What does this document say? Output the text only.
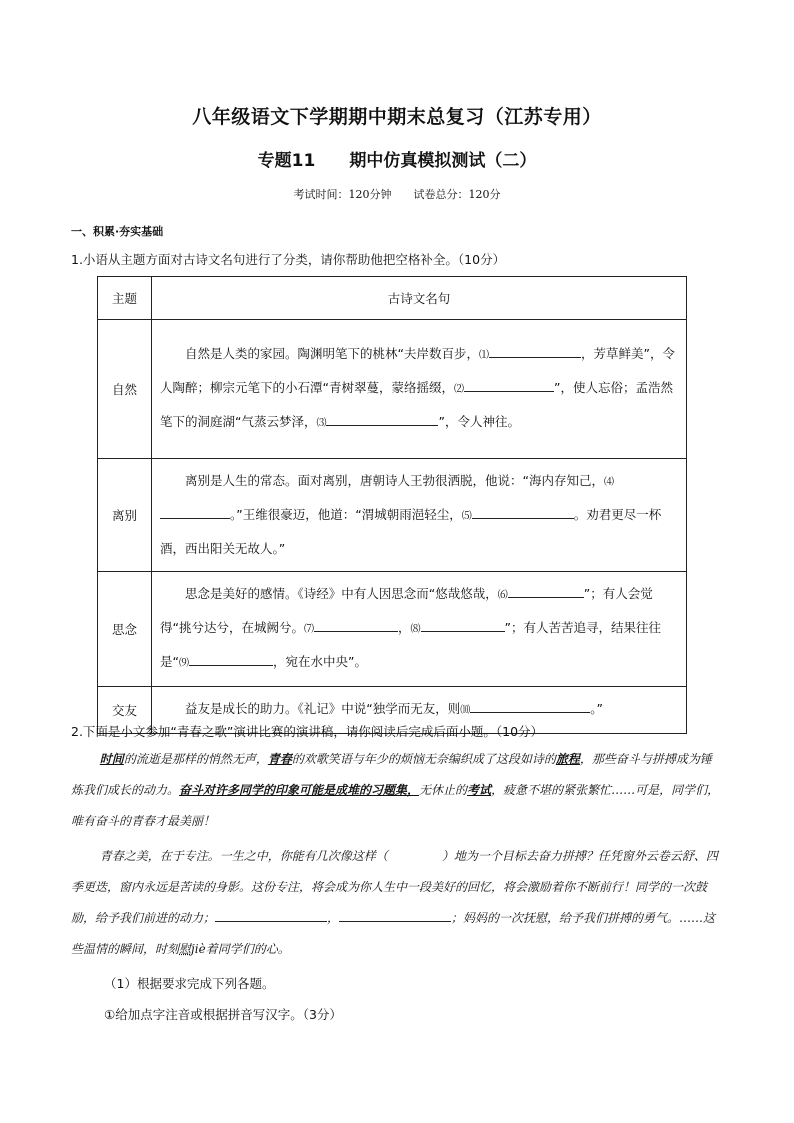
八年级语文下学期期中期末总复习（江苏专用）
专题11 期中仿真模拟测试（二）
考试时间：120分钟 试卷总分：120分
一、积累·夯实基础
1.小语从主题方面对古诗文名句进行了分类，请你帮助他把空格补全。（10分）
主题	古诗文名句
自然	自然是人类的家园。陶渊明笔下的桃林“夫岸数百步，⑴ ，芳草鲜美”，令人陶醉；柳宗元笔下的小石潭“青树翠蔓，蒙络摇缀，⑵ ”，使人忘俗；孟浩然笔下的洞庭湖“气蒸云梦泽，⑶ ”，令人神往。
离别	离别是人生的常态。面对离别，唐朝诗人王勃很洒脱，他说：“海内存知己，⑷。”王维很豪迈，他道：“渭城朝雨浥轻尘，⑸ 。劝君更尽一杯酒，西出阳关无故人。”
思念	思念是美好的感情。《诗经》中有人因思念而“悠哉悠哉，⑹ ”；有人会觉得“挑兮达兮，在城阙兮。⑺ ，⑻ ”；有人苦苦追寻，结果往往是“⑼ ，宛在水中央”。
交友	益友是成长的助力。《礼记》中说“独学而无友，则⑽ 。”
2.下面是小文参加“青春之歌”演讲比赛的演讲稿，请你阅读后完成后面小题。（10分）
时间的流逝是那样的悄然无声，青春的欢歌笑语与年少的烦恼无奈编织成了这段如诗的旅程，那些奋斗与拼搏成为锤炼我们成长的动力。奋斗对许多同学的印象可能是成堆的习题集，无休止的考试，疲惫不堪的紧张繁忙……可是，同学们，唯有奋斗的青春才最美丽！
青春之美，在于专注。一生之中，你能有几次像这样（	）地为一个目标去奋力拼搏？任凭窗外云卷云舒、四季更迭，窗内永远是苦读的身影。这份专注，将会成为你人生中一段美好的回忆，将会激励着你不断前行！同学的一次鼓励，给予我们前进的动力；	，	；妈妈的一次抚慰，给予我们拼搏的勇气。……这些温情的瞬间，时刻慰jiè着同学们的心。
（1）根据要求完成下列各题。
①给加点字注音或根据拼音写汉字。（3分）
